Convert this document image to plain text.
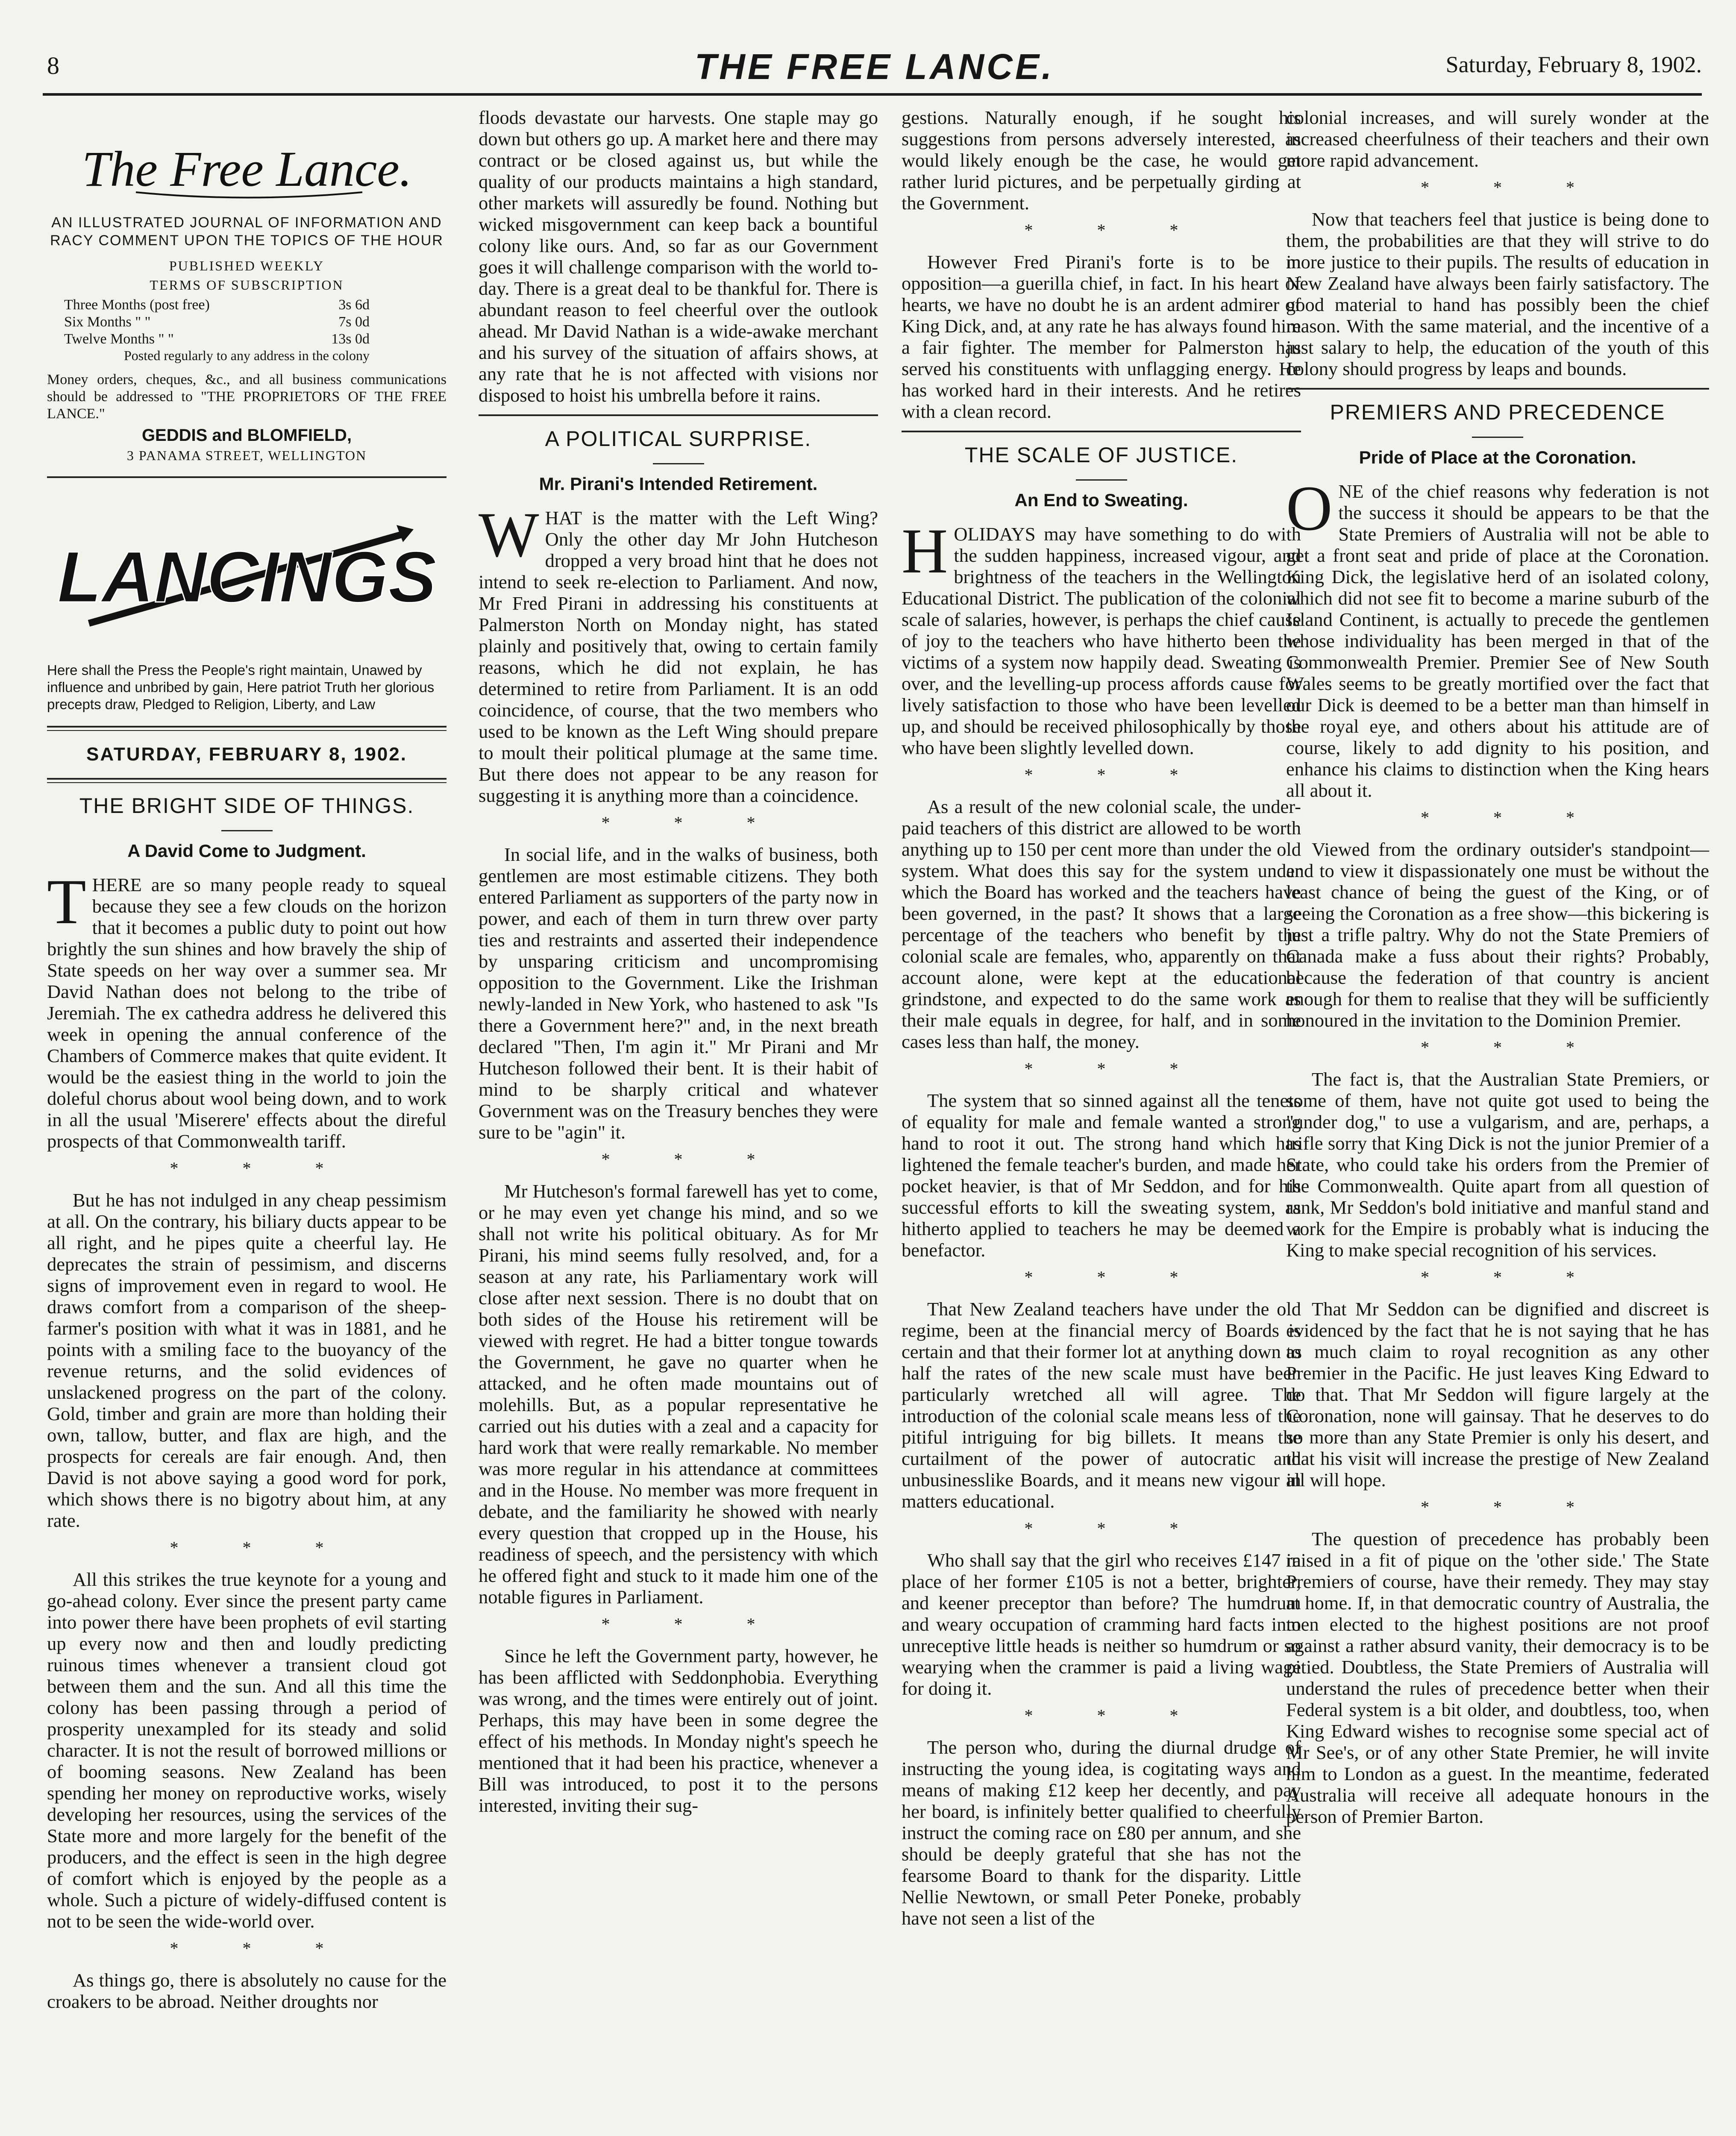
8	THE FREE LANCE.	Saturday, February 8, 1902.
The Free Lance.
AN ILLUSTRATED JOURNAL OF INFORMATION AND RACY COMMENT UPON THE TOPICS OF THE HOUR
PUBLISHED WEEKLY
TERMS OF SUBSCRIPTION
Three Months (post free)	3s 6d
Six Months " "	7s 0d
Twelve Months " "	13s 0d
Posted regularly to any address in the colony
Money orders, cheques, &c., and all business communications should be addressed to "THE PROPRIETORS OF THE FREE LANCE."
GEDDIS and BLOMFIELD,
3 PANAMA STREET, WELLINGTON
LANCINGS
Here shall the Press the People's right maintain, Unawed by influence and unbribed by gain, Here patriot Truth her glorious precepts draw, Pledged to Religion, Liberty, and Law
SATURDAY, FEBRUARY 8, 1902.
THE BRIGHT SIDE OF THINGS.
A David Come to Judgment.

THERE are so many people ready to squeal because they see a few clouds on the horizon that it becomes a public duty to point out how brightly the sun shines and how bravely the ship of State speeds on her way over a summer sea. Mr David Nathan does not belong to the tribe of Jeremiah. The ex cathedra address he delivered this week in opening the annual conference of the Chambers of Commerce makes that quite evident. It would be the easiest thing in the world to join the doleful chorus about wool being down, and to work in all the usual 'Miserere' effects about the direful prospects of that Commonwealth tariff.

* * *

But he has not indulged in any cheap pessimism at all. On the contrary, his biliary ducts appear to be all right, and he pipes quite a cheerful lay. He deprecates the strain of pessimism, and discerns signs of improvement even in regard to wool. He draws comfort from a comparison of the sheep-farmer's position with what it was in 1881, and he points with a smiling face to the buoyancy of the revenue returns, and the solid evidences of unslackened progress on the part of the colony. Gold, timber and grain are more than holding their own, tallow, butter, and flax are high, and the prospects for cereals are fair enough. And, then David is not above saying a good word for pork, which shows there is no bigotry about him, at any rate.

* * *

All this strikes the true keynote for a young and go-ahead colony. Ever since the present party came into power there have been prophets of evil starting up every now and then and loudly predicting ruinous times whenever a transient cloud got between them and the sun. And all this time the colony has been passing through a period of prosperity unexampled for its steady and solid character. It is not the result of borrowed millions or of booming seasons. New Zealand has been spending her money on reproductive works, wisely developing her resources, using the services of the State more and more largely for the benefit of the producers, and the effect is seen in the high degree of comfort which is enjoyed by the people as a whole. Such a picture of widely-diffused content is not to be seen the wide-world over.

* * *

As things go, there is absolutely no cause for the croakers to be abroad. Neither droughts nor

floods devastate our harvests. One staple may go down but others go up. A market here and there may contract or be closed against us, but while the quality of our products maintains a high standard, other markets will assuredly be found. Nothing but wicked misgovernment can keep back a bountiful colony like ours. And, so far as our Government goes it will challenge comparison with the world to-day. There is a great deal to be thankful for. There is abundant reason to feel cheerful over the outlook ahead. Mr David Nathan is a wide-awake merchant and his survey of the situation of affairs shows, at any rate that he is not affected with visions nor disposed to hoist his umbrella before it rains.

A POLITICAL SURPRISE.
Mr. Pirani's Intended Retirement.

WHAT is the matter with the Left Wing? Only the other day Mr John Hutcheson dropped a very broad hint that he does not intend to seek re-election to Parliament. And now, Mr Fred Pirani in addressing his constituents at Palmerston North on Monday night, has stated plainly and positively that, owing to certain family reasons, which he did not explain, he has determined to retire from Parliament. It is an odd coincidence, of course, that the two members who used to be known as the Left Wing should prepare to moult their political plumage at the same time. But there does not appear to be any reason for suggesting it is anything more than a coincidence.

* * *

In social life, and in the walks of business, both gentlemen are most estimable citizens. They both entered Parliament as supporters of the party now in power, and each of them in turn threw over party ties and restraints and asserted their independence by unsparing criticism and uncompromising opposition to the Government. Like the Irishman newly-landed in New York, who hastened to ask "Is there a Government here?" and, in the next breath declared "Then, I'm agin it." Mr Pirani and Mr Hutcheson followed their bent. It is their habit of mind to be sharply critical and whatever Government was on the Treasury benches they were sure to be "agin" it.

* * *

Mr Hutcheson's formal farewell has yet to come, or he may even yet change his mind, and so we shall not write his political obituary. As for Mr Pirani, his mind seems fully resolved, and, for a season at any rate, his Parliamentary work will close after next session. There is no doubt that on both sides of the House his retirement will be viewed with regret. He had a bitter tongue towards the Government, he gave no quarter when he attacked, and he often made mountains out of molehills. But, as a popular representative he carried out his duties with a zeal and a capacity for hard work that were really remarkable. No member was more regular in his attendance at committees and in the House. No member was more frequent in debate, and the familiarity he showed with nearly every question that cropped up in the House, his readiness of speech, and the persistency with which he offered fight and stuck to it made him one of the notable figures in Parliament.

* * *

Since he left the Government party, however, he has been afflicted with Seddonphobia. Everything was wrong, and the times were entirely out of joint. Perhaps, this may have been in some degree the effect of his methods. In Monday night's speech he mentioned that it had been his practice, whenever a Bill was introduced, to post it to the persons interested, inviting their sug-

gestions. Naturally enough, if he sought his suggestions from persons adversely interested, as would likely enough be the case, he would get rather lurid pictures, and be perpetually girding at the Government.

* * *

However Fred Pirani's forte is to be in opposition—a guerilla chief, in fact. In his heart of hearts, we have no doubt he is an ardent admirer of King Dick, and, at any rate he has always found him a fair fighter. The member for Palmerston has served his constituents with unflagging energy. He has worked hard in their interests. And he retires with a clean record.

THE SCALE OF JUSTICE.
An End to Sweating.

HOLIDAYS may have something to do with the sudden happiness, increased vigour, and brightness of the teachers in the Wellington Educational District. The publication of the colonial scale of salaries, however, is perhaps the chief cause of joy to the teachers who have hitherto been the victims of a system now happily dead. Sweating is over, and the levelling-up process affords cause for lively satisfaction to those who have been levelled up, and should be received philosophically by those who have been slightly levelled down.

* * *

As a result of the new colonial scale, the under-paid teachers of this district are allowed to be worth anything up to 150 per cent more than under the old system. What does this say for the system under which the Board has worked and the teachers have been governed, in the past? It shows that a large percentage of the teachers who benefit by the colonial scale are females, who, apparently on that account alone, were kept at the educational grindstone, and expected to do the same work as their male equals in degree, for half, and in some cases less than half, the money.

* * *

The system that so sinned against all the tenets of equality for male and female wanted a strong hand to root it out. The strong hand which has lightened the female teacher's burden, and made her pocket heavier, is that of Mr Seddon, and for his successful efforts to kill the sweating system, as hitherto applied to teachers he may be deemed a benefactor.

* * *

That New Zealand teachers have under the old regime, been at the financial mercy of Boards is certain and that their former lot at anything down to half the rates of the new scale must have been particularly wretched all will agree. The introduction of the colonial scale means less of the pitiful intriguing for big billets. It means the curtailment of the power of autocratic and unbusinesslike Boards, and it means new vigour in matters educational.

* * *

Who shall say that the girl who receives £147 in place of her former £105 is not a better, brighter, and keener preceptor than before? The humdrum and weary occupation of cramming hard facts into unreceptive little heads is neither so humdrum or so wearying when the crammer is paid a living wage for doing it.

* * *

The person who, during the diurnal drudge of instructing the young idea, is cogitating ways and means of making £12 keep her decently, and pay her board, is infinitely better qualified to cheerfully instruct the coming race on £80 per annum, and she should be deeply grateful that she has not the fearsome Board to thank for the disparity. Little Nellie Newtown, or small Peter Poneke, probably have not seen a list of the

colonial increases, and will surely wonder at the increased cheerfulness of their teachers and their own more rapid advancement.

* * *

Now that teachers feel that justice is being done to them, the probabilities are that they will strive to do more justice to their pupils. The results of education in New Zealand have always been fairly satisfactory. The good material to hand has possibly been the chief reason. With the same material, and the incentive of a just salary to help, the education of the youth of this colony should progress by leaps and bounds.

PREMIERS AND PRECEDENCE
Pride of Place at the Coronation.

ONE of the chief reasons why federation is not the success it should be appears to be that the State Premiers of Australia will not be able to get a front seat and pride of place at the Coronation. King Dick, the legislative herd of an isolated colony, which did not see fit to become a marine suburb of the Island Continent, is actually to precede the gentlemen whose individuality has been merged in that of the Commonwealth Premier. Premier See of New South Wales seems to be greatly mortified over the fact that our Dick is deemed to be a better man than himself in the royal eye, and others about his attitude are of course, likely to add dignity to his position, and enhance his claims to distinction when the King hears all about it.

* * *

Viewed from the ordinary outsider's standpoint—and to view it dispassionately one must be without the least chance of being the guest of the King, or of seeing the Coronation as a free show—this bickering is just a trifle paltry. Why do not the State Premiers of Canada make a fuss about their rights? Probably, because the federation of that country is ancient enough for them to realise that they will be sufficiently honoured in the invitation to the Dominion Premier.

* * *

The fact is, that the Australian State Premiers, or some of them, have not quite got used to being the "under dog," to use a vulgarism, and are, perhaps, a trifle sorry that King Dick is not the junior Premier of a State, who could take his orders from the Premier of the Commonwealth. Quite apart from all question of rank, Mr Seddon's bold initiative and manful stand and work for the Empire is probably what is inducing the King to make special recognition of his services.

* * *

That Mr Seddon can be dignified and discreet is evidenced by the fact that he is not saying that he has as much claim to royal recognition as any other Premier in the Pacific. He just leaves King Edward to do that. That Mr Seddon will figure largely at the Coronation, none will gainsay. That he deserves to do so more than any State Premier is only his desert, and that his visit will increase the prestige of New Zealand all will hope.

* * *

The question of precedence has probably been raised in a fit of pique on the 'other side.' The State Premiers of course, have their remedy. They may stay at home. If, in that democratic country of Australia, the men elected to the highest positions are not proof against a rather absurd vanity, their democracy is to be pitied. Doubtless, the State Premiers of Australia will understand the rules of precedence better when their Federal system is a bit older, and doubtless, too, when King Edward wishes to recognise some special act of Mr See's, or of any other State Premier, he will invite him to London as a guest. In the meantime, federated Australia will receive all adequate honours in the person of Premier Barton.
